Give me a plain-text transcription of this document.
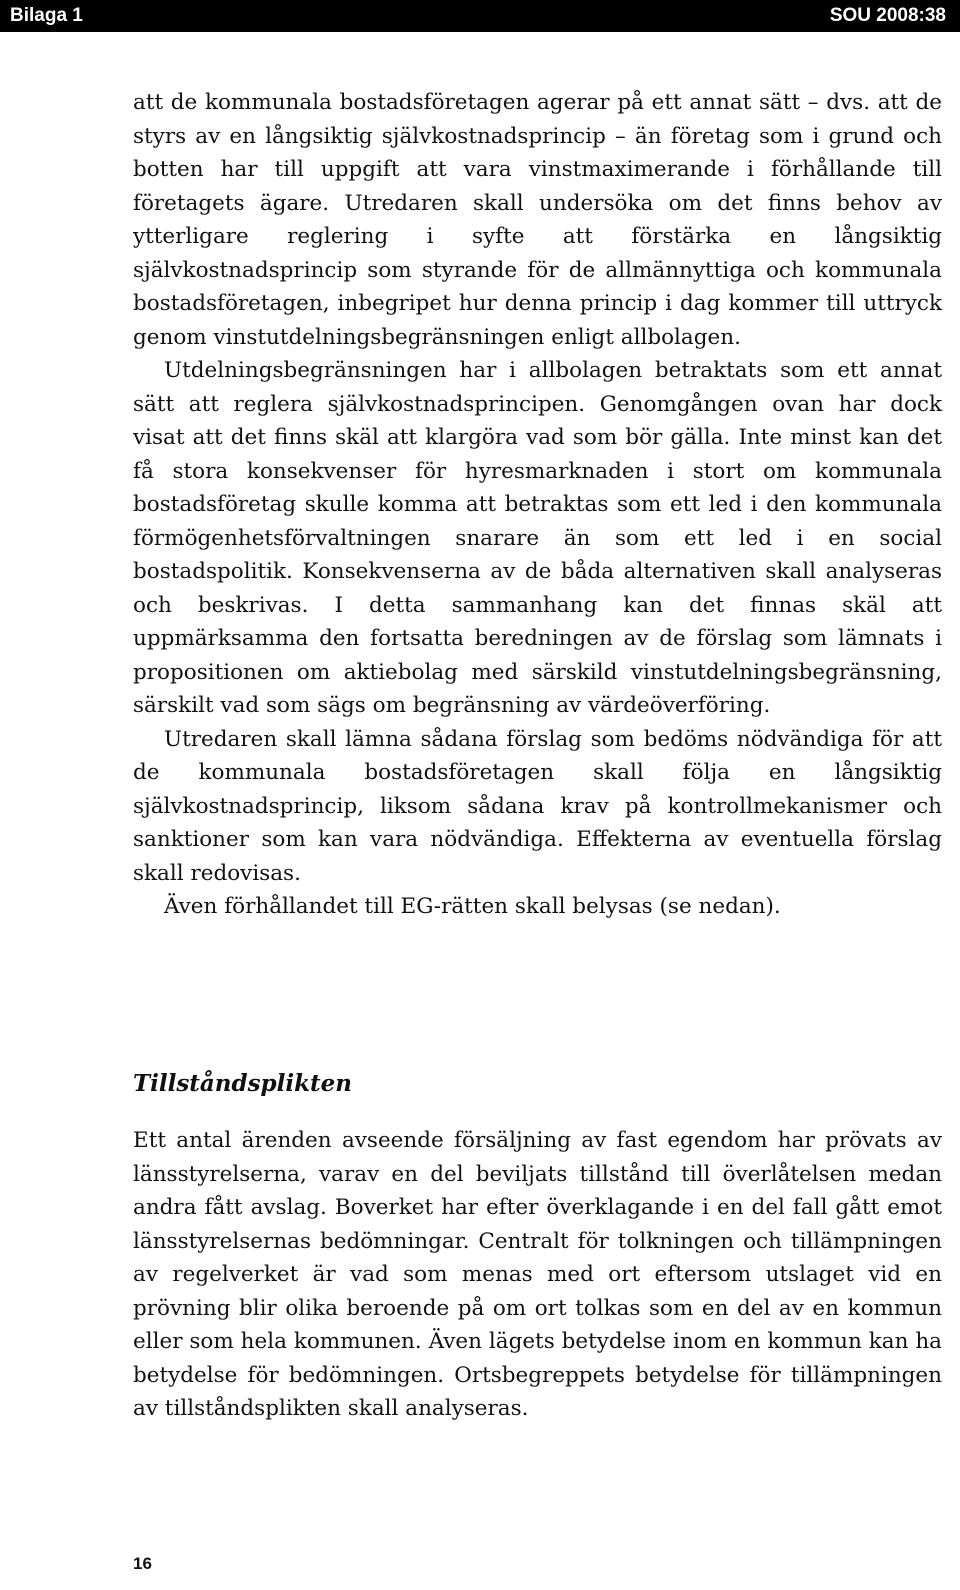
Bilaga 1	SOU 2008:38

att de kommunala bostadsföretagen agerar på ett annat sätt – dvs. att de styrs av en långsiktig självkostnadsprincip – än företag som i grund och botten har till uppgift att vara vinstmaximerande i förhållande till företagets ägare. Utredaren skall undersöka om det finns behov av ytterligare reglering i syfte att förstärka en långsiktig självkostnadsprincip som styrande för de allmännyttiga och kommunala bostadsföretagen, inbegripet hur denna princip i dag kommer till uttryck genom vinstutdelningsbegränsningen enligt allbolagen.

Utdelningsbegränsningen har i allbolagen betraktats som ett annat sätt att reglera självkostnadsprincipen. Genomgången ovan har dock visat att det finns skäl att klargöra vad som bör gälla. Inte minst kan det få stora konsekvenser för hyresmarknaden i stort om kommunala bostadsföretag skulle komma att betraktas som ett led i den kommunala förmögenhetsförvaltningen snarare än som ett led i en social bostadspolitik. Konsekvenserna av de båda alternativen skall analyseras och beskrivas. I detta sammanhang kan det finnas skäl att uppmärksamma den fortsatta beredningen av de förslag som lämnats i propositionen om aktiebolag med särskild vinstutdelningsbegränsning, särskilt vad som sägs om begränsning av värdeöverföring.

Utredaren skall lämna sådana förslag som bedöms nödvändiga för att de kommunala bostadsföretagen skall följa en långsiktig självkostnadsprincip, liksom sådana krav på kontrollmekanismer och sanktioner som kan vara nödvändiga. Effekterna av eventuella förslag skall redovisas.

Även förhållandet till EG-rätten skall belysas (se nedan).

Tillståndsplikten

Ett antal ärenden avseende försäljning av fast egendom har prövats av länsstyrelserna, varav en del beviljats tillstånd till överlåtelsen medan andra fått avslag. Boverket har efter överklagande i en del fall gått emot länsstyrelsernas bedömningar. Centralt för tolkningen och tillämpningen av regelverket är vad som menas med ort eftersom utslaget vid en prövning blir olika beroende på om ort tolkas som en del av en kommun eller som hela kommunen. Även lägets betydelse inom en kommun kan ha betydelse för bedömningen. Ortsbegreppets betydelse för tillämpningen av tillståndsplikten skall analyseras.

16
